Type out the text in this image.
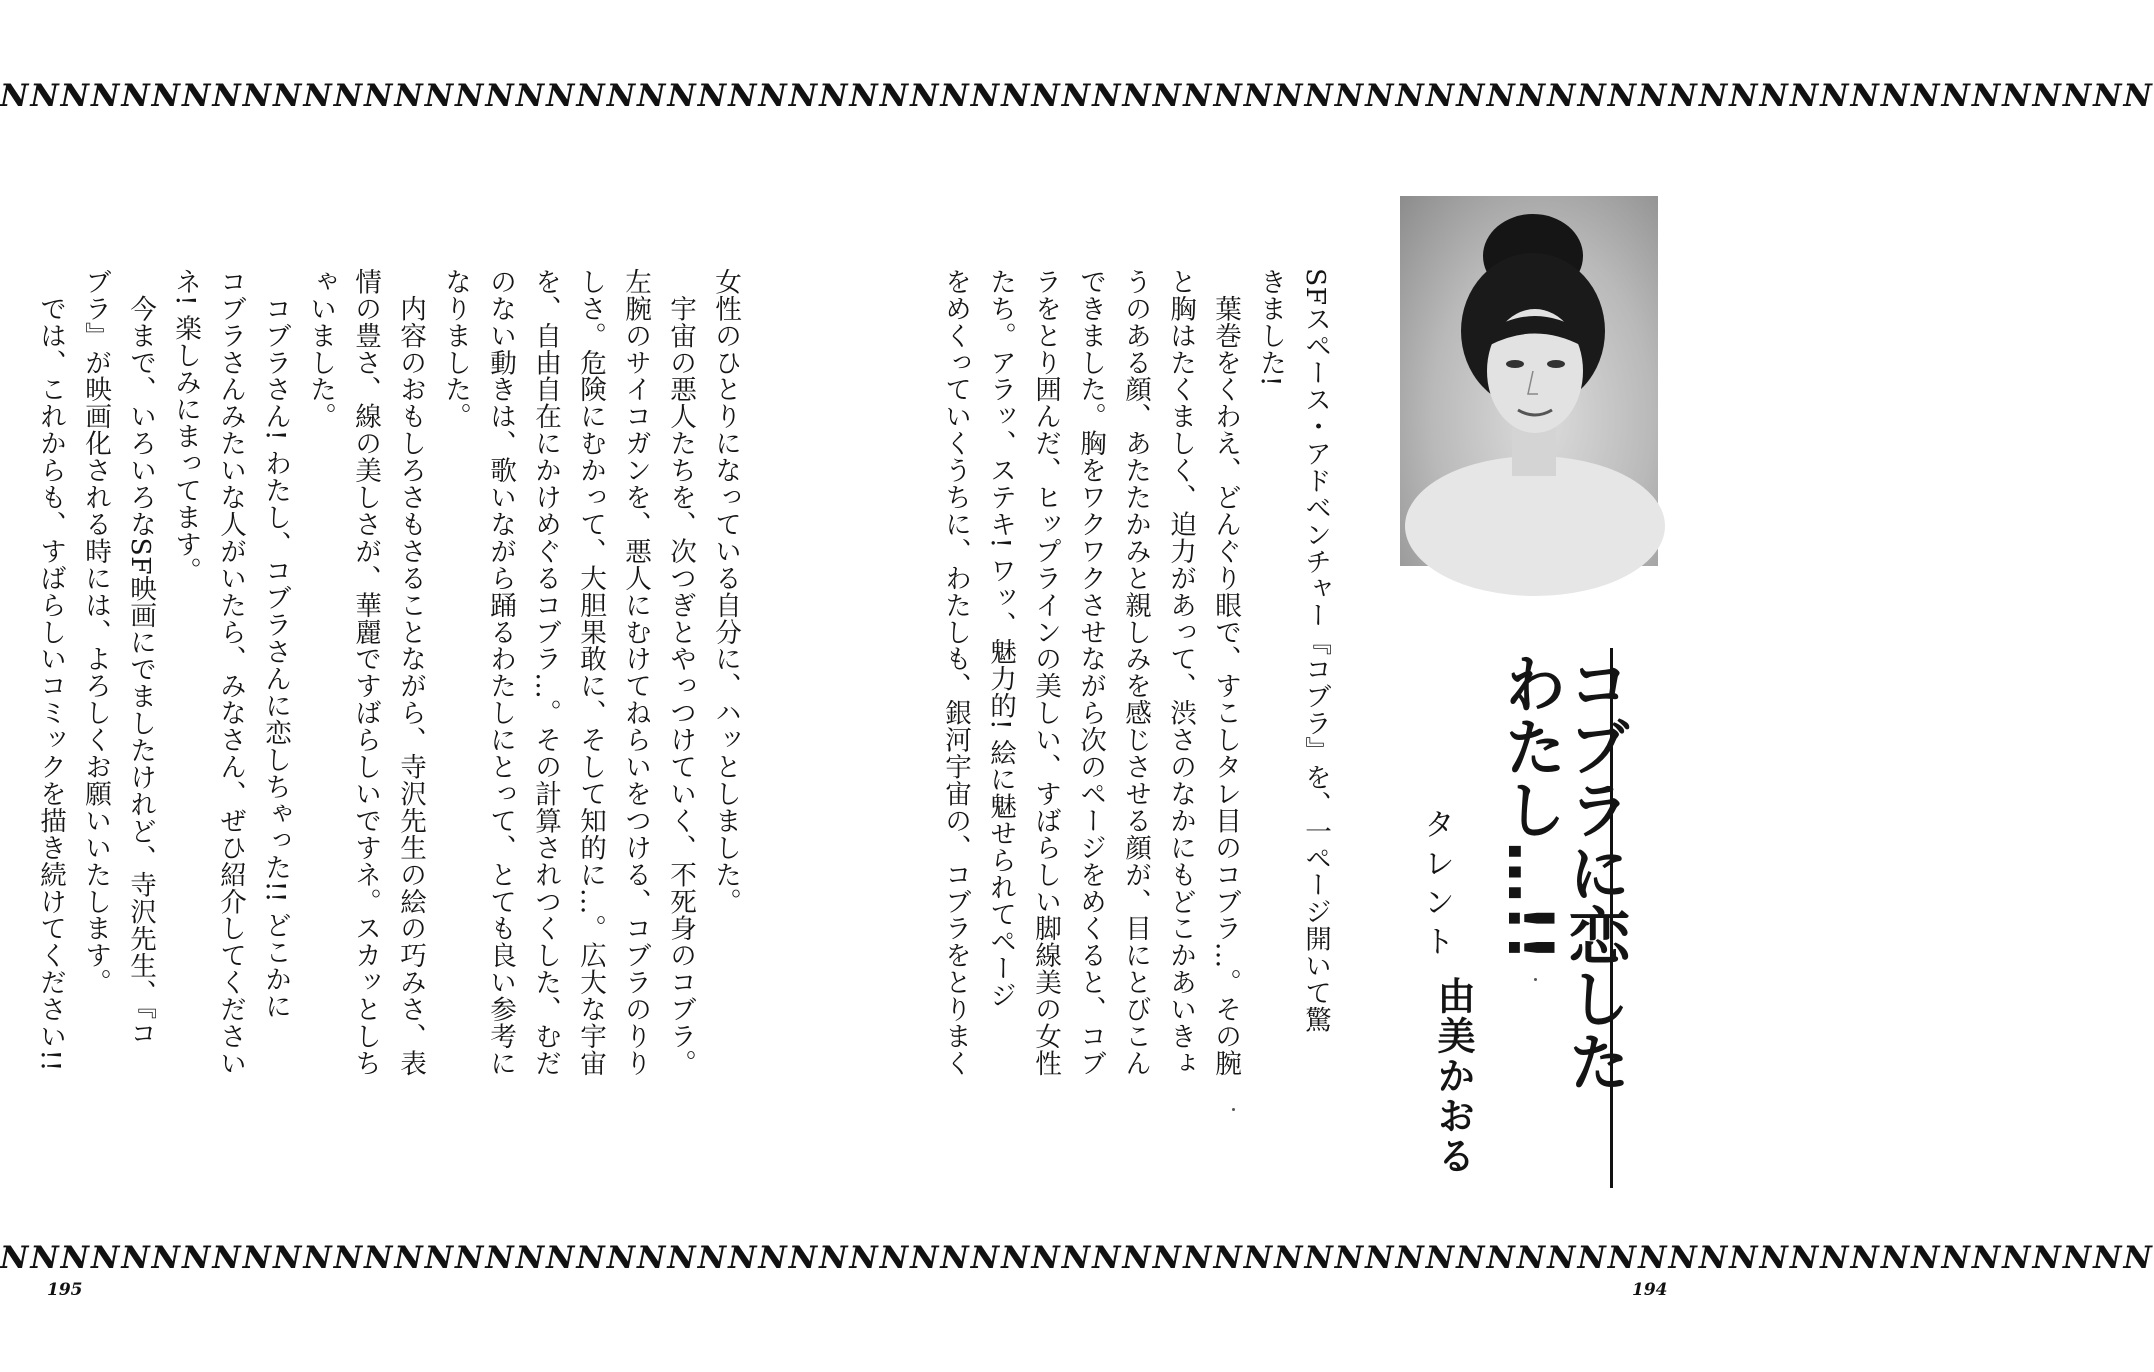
NNNNNNNNNNNNNNNNNNNNNNNNNNNNNNNNNNNNNNNNNNNNNNNNNNNNNNNNNNNNNNNNNNNNNNN
コブラに恋した
わたし…!!
タレント
由美かおる
SFスペース・アドベンチャー『コブラ』を、一ページ開いて驚
きました!
　葉巻をくわえ、どんぐり眼で、すこしタレ目のコブラ…。その腕
と胸はたくましく、迫力があって、渋さのなかにもどこかあいきょ
うのある顔、あたたかみと親しみを感じさせる顔が、目にとびこん
できました。胸をワクワクさせながら次のページをめくると、コブ
ラをとり囲んだ、ヒップラインの美しい、すばらしい脚線美の女性
たち。アラッ、ステキ! ワッ、魅力的! 絵に魅せられてページ
をめくっていくうちに、わたしも、銀河宇宙の、コブラをとりまく
女性のひとりになっている自分に、ハッとしました。
　宇宙の悪人たちを、次つぎとやっつけていく、不死身のコブラ。
左腕のサイコガンを、悪人にむけてねらいをつける、コブラのりり
しさ。危険にむかって、大胆果敢に、そして知的に…。広大な宇宙
を、自由自在にかけめぐるコブラ…。その計算されつくした、むだ
のない動きは、歌いながら踊るわたしにとって、とても良い参考に
なりました。
　内容のおもしろさもさることながら、寺沢先生の絵の巧みさ、表
情の豊さ、線の美しさが、華麗ですばらしいですネ。スカッとしち
ゃいました。
　コブラさん! わたし、コブラさんに恋しちゃった!! どこかに
コブラさんみたいな人がいたら、みなさん、ぜひ紹介してください
ネ! 楽しみにまってます。
　今まで、いろいろなSF映画にでましたけれど、寺沢先生、『コ
ブラ』が映画化される時には、よろしくお願いいたします。
　では、これからも、すばらしいコミックを描き続けてください!!
NNNNNNNNNNNNNNNNNNNNNNNNNNNNNNNNNNNNNNNNNNNNNNNNNNNNNNNNNNNNNNNNNNNNNNN
195	194
